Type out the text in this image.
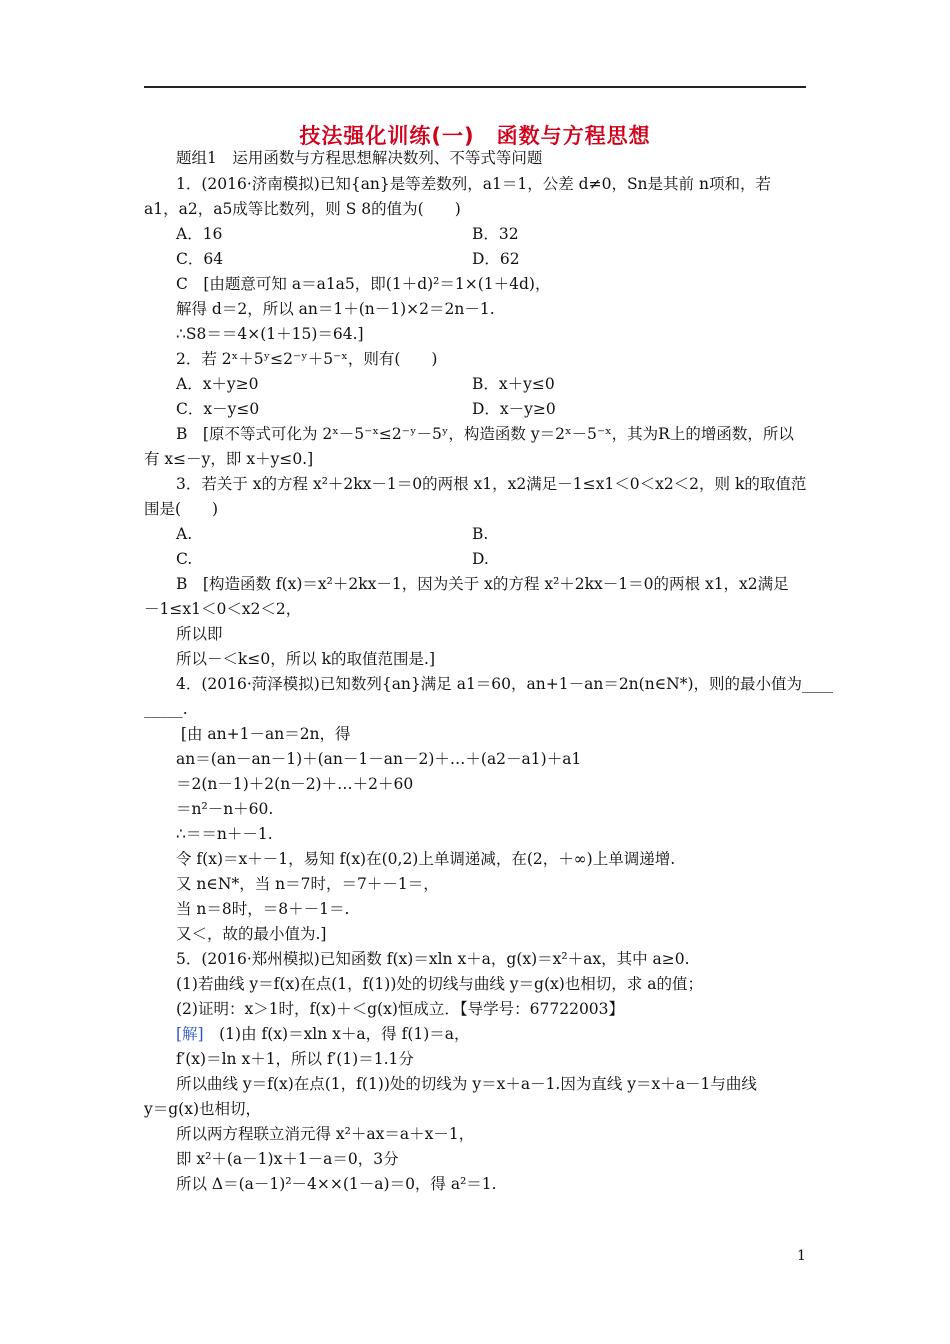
技法强化训练(一)　函数与方程思想
题组1　运用函数与方程思想解决数列、不等式等问题
1．(2016·济南模拟)已知{an}是等差数列，a1＝1，公差 d≠0，Sn是其前 n项和，若
a1，a2，a5成等比数列，则 S 8的值为(　　)
A．16	B．32
C．64	D．62
C　[由题意可知 a＝a1a5，即(1＋d)²＝1×(1＋4d)，
解得 d＝2，所以 an＝1＋(n－1)×2＝2n－1.
∴S8＝＝4×(1＋15)＝64.]
2．若 2ˣ＋5ʸ≤2⁻ʸ＋5⁻ˣ，则有(　　)
A．x＋y≥0	B．x＋y≤0
C．x－y≤0	D．x－y≥0
B　[原不等式可化为 2ˣ－5⁻ˣ≤2⁻ʸ－5ʸ，构造函数 y＝2ˣ－5⁻ˣ，其为R上的增函数，所以
有 x≤－y，即 x＋y≤0.]
3．若关于 x的方程 x²＋2kx－1＝0的两根 x1，x2满足－1≤x1＜0＜x2＜2，则 k的取值范
围是(　　)
A.	B.
C.	D.
B　[构造函数 f(x)＝x²＋2kx－1，因为关于 x的方程 x²＋2kx－1＝0的两根 x1，x2满足
－1≤x1＜0＜x2＜2，
所以即
所以－＜k≤0，所以 k的取值范围是.]
4．(2016·菏泽模拟)已知数列{an}满足 a1＝60，an+1－an＝2n(n∈N*)，则的最小值为____
_____.
[由 an+1－an＝2n，得
an＝(an－an－1)＋(an－1－an－2)＋…＋(a2－a1)＋a1
＝2(n－1)＋2(n－2)＋…＋2＋60
＝n²－n＋60.
∴＝＝n＋－1.
令 f(x)＝x＋－1，易知 f(x)在(0,2)上单调递减，在(2，＋∞)上单调递增.
又 n∈N*，当 n＝7时，＝7＋－1＝，
当 n＝8时，＝8＋－1＝.
又＜，故的最小值为.]
5．(2016·郑州模拟)已知函数 f(x)＝xln x＋a，g(x)＝x²＋ax，其中 a≥0.
(1)若曲线 y＝f(x)在点(1，f(1))处的切线与曲线 y＝g(x)也相切，求 a的值；
(2)证明：x＞1时，f(x)＋＜g(x)恒成立．【导学号：67722003】
[解]　(1)由 f(x)＝xln x＋a，得 f(1)＝a，
f′(x)＝ln x＋1，所以 f′(1)＝1.1分
所以曲线 y＝f(x)在点(1，f(1))处的切线为 y＝x＋a－1.因为直线 y＝x＋a－1与曲线
y＝g(x)也相切，
所以两方程联立消元得 x²＋ax＝a＋x－1，
即 x²＋(a－1)x＋1－a＝0，3分
所以 Δ＝(a－1)²－4××(1－a)＝0，得 a²＝1.
1
